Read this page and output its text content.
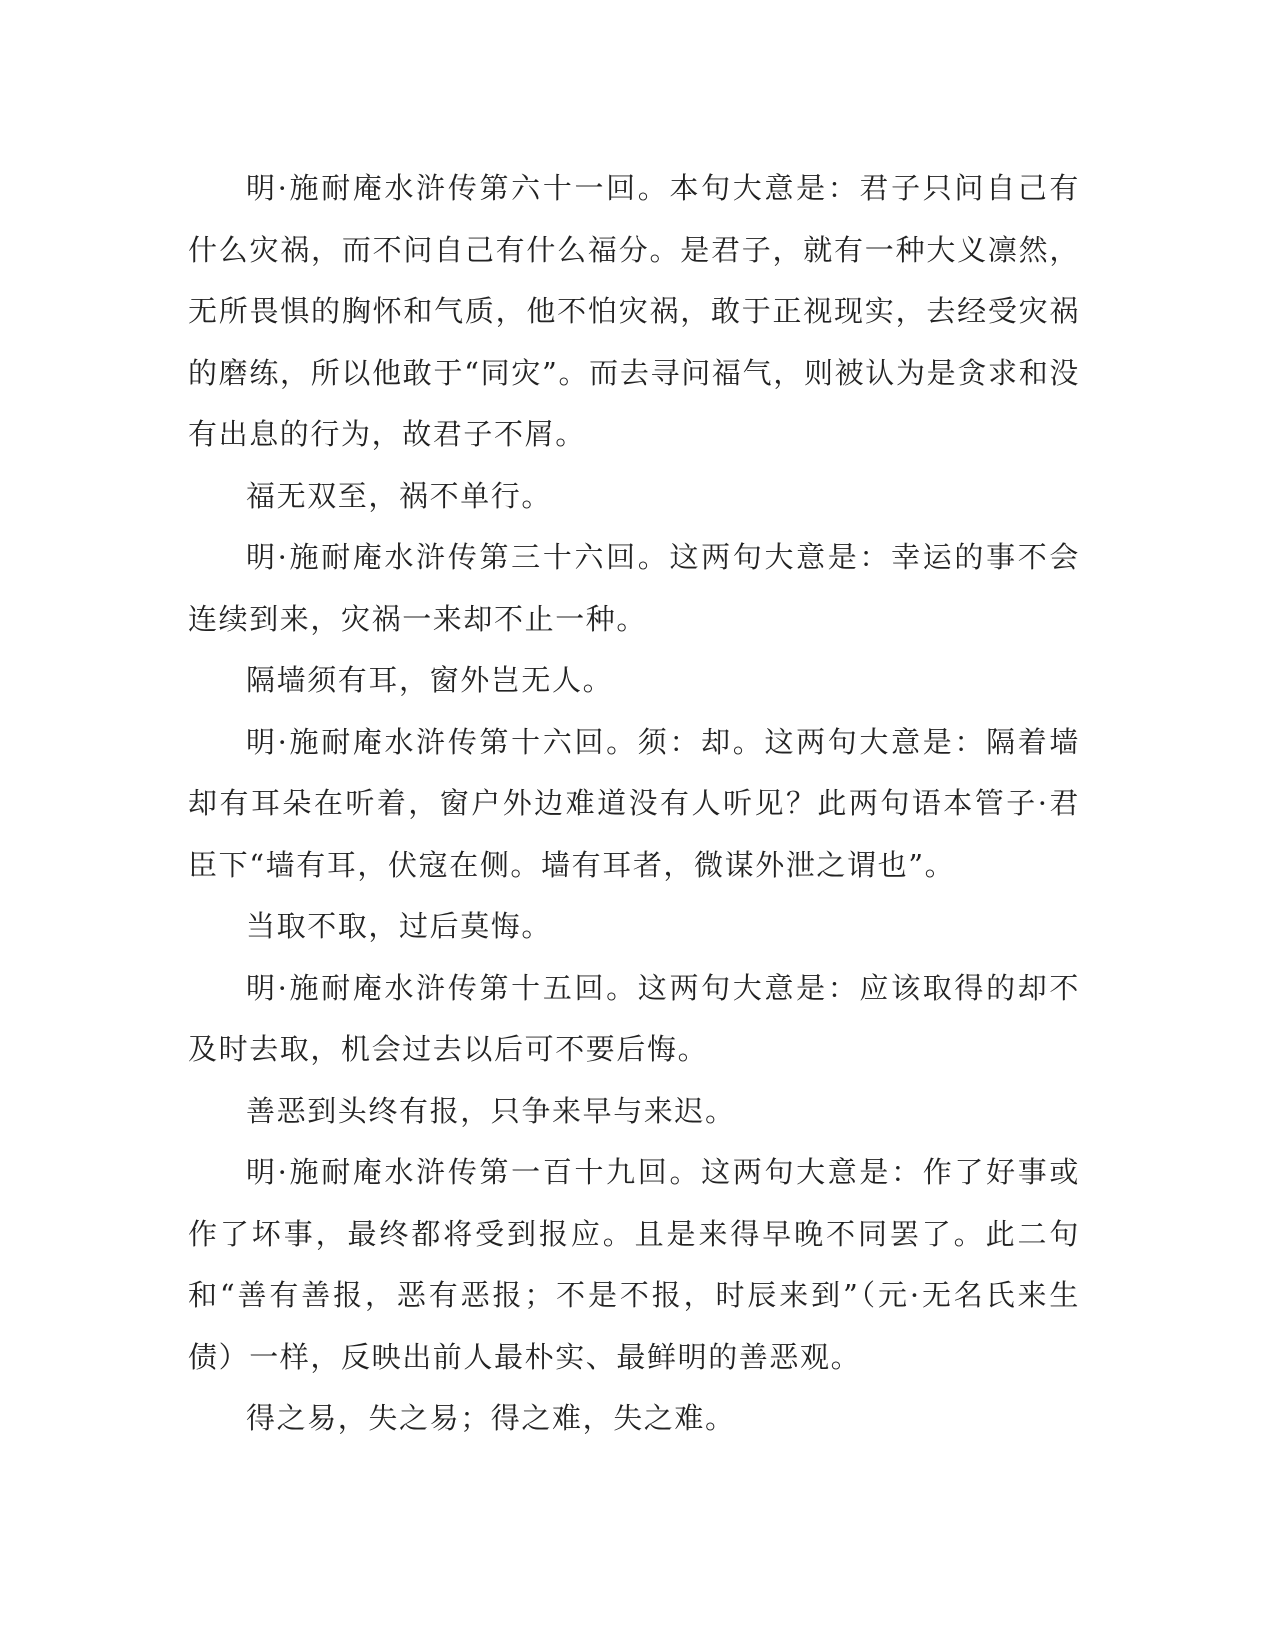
明·施耐庵水浒传第六十一回。本句大意是：君子只问自己有什么灾祸，而不问自己有什么福分。是君子，就有一种大义凛然，无所畏惧的胸怀和气质，他不怕灾祸，敢于正视现实，去经受灾祸的磨练，所以他敢于“同灾”。而去寻问福气，则被认为是贪求和没有出息的行为，故君子不屑。

福无双至，祸不单行。

明·施耐庵水浒传第三十六回。这两句大意是：幸运的事不会连续到来，灾祸一来却不止一种。

隔墙须有耳，窗外岂无人。

明·施耐庵水浒传第十六回。须：却。这两句大意是：隔着墙却有耳朵在听着，窗户外边难道没有人听见？此两句语本管子·君臣下“墙有耳，伏寇在侧。墙有耳者，微谋外泄之谓也”。

当取不取，过后莫悔。

明·施耐庵水浒传第十五回。这两句大意是：应该取得的却不及时去取，机会过去以后可不要后悔。

善恶到头终有报，只争来早与来迟。

明·施耐庵水浒传第一百十九回。这两句大意是：作了好事或作了坏事，最终都将受到报应。且是来得早晚不同罢了。此二句和“善有善报，恶有恶报；不是不报，时辰来到”（元·无名氏来生债）一样，反映出前人最朴实、最鲜明的善恶观。

得之易，失之易；得之难，失之难。
